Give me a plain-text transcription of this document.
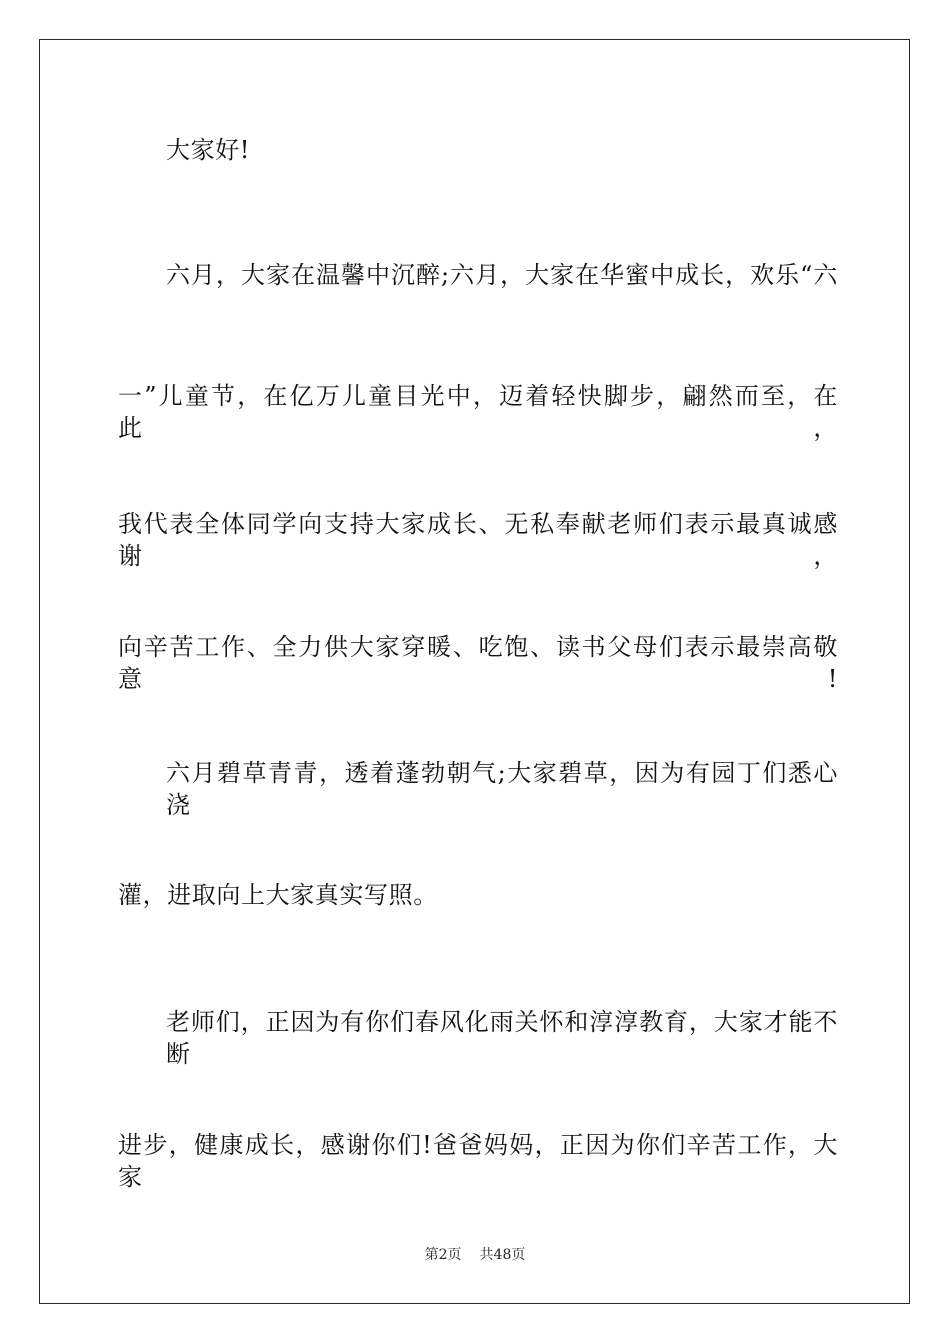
大家好!
六月，大家在温馨中沉醉;六月，大家在华蜜中成长，欢乐“六
一”儿童节，在亿万儿童目光中，迈着轻快脚步，翩然而至，在此，
我代表全体同学向支持大家成长、无私奉献老师们表示最真诚感谢，
向辛苦工作、全力供大家穿暖、吃饱、读书父母们表示最崇高敬意!
六月碧草青青，透着蓬勃朝气;大家碧草，因为有园丁们悉心浇
灌，进取向上大家真实写照。
老师们，正因为有你们春风化雨关怀和淳淳教育，大家才能不断
进步，健康成长，感谢你们!爸爸妈妈，正因为你们辛苦工作，大家
第2页 共48页
